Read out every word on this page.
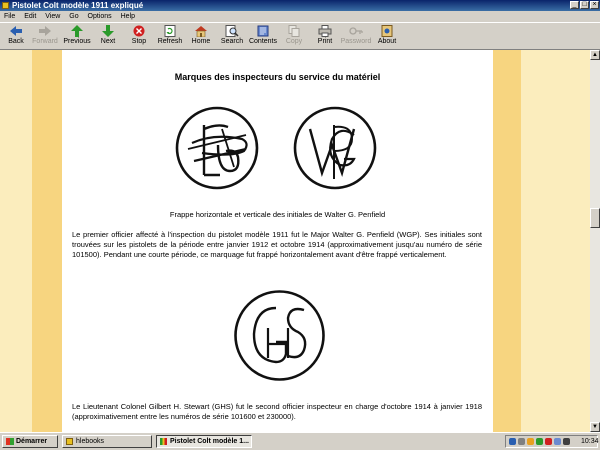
Pistolet Colt modèle 1911 expliqué	_ □ ×
File Edit View Go Options Help
Back	Forward Previous	Next	Stop	Refresh	Home	Search Contents	Copy	Print	Password About
Marques des inspecteurs du service du matériel
Frappe horizontale et verticale des initiales de Walter G. Penfield
Le premier officier affecté à l'inspection du pistolet modèle 1911 fut le Major Walter G. Penfield (WGP). Ses initiales sont trouvées sur les pistolets de la période entre janvier 1912 et octobre 1914 (approximativement jusqu'au numéro de série 101500). Pendant une courte période, ce marquage fut frappé horizontalement avant d'être frappé verticalement.
Le Lieutenant Colonel Gilbert H. Stewart (GHS) fut le second officier inspecteur en charge d'octobre 1914 à janvier 1918 (approximativement entre les numéros de série 101600 et 230000).
▲
▼
Démarrer	hlebooks	Pistolet Colt modèle 1...	10:34
